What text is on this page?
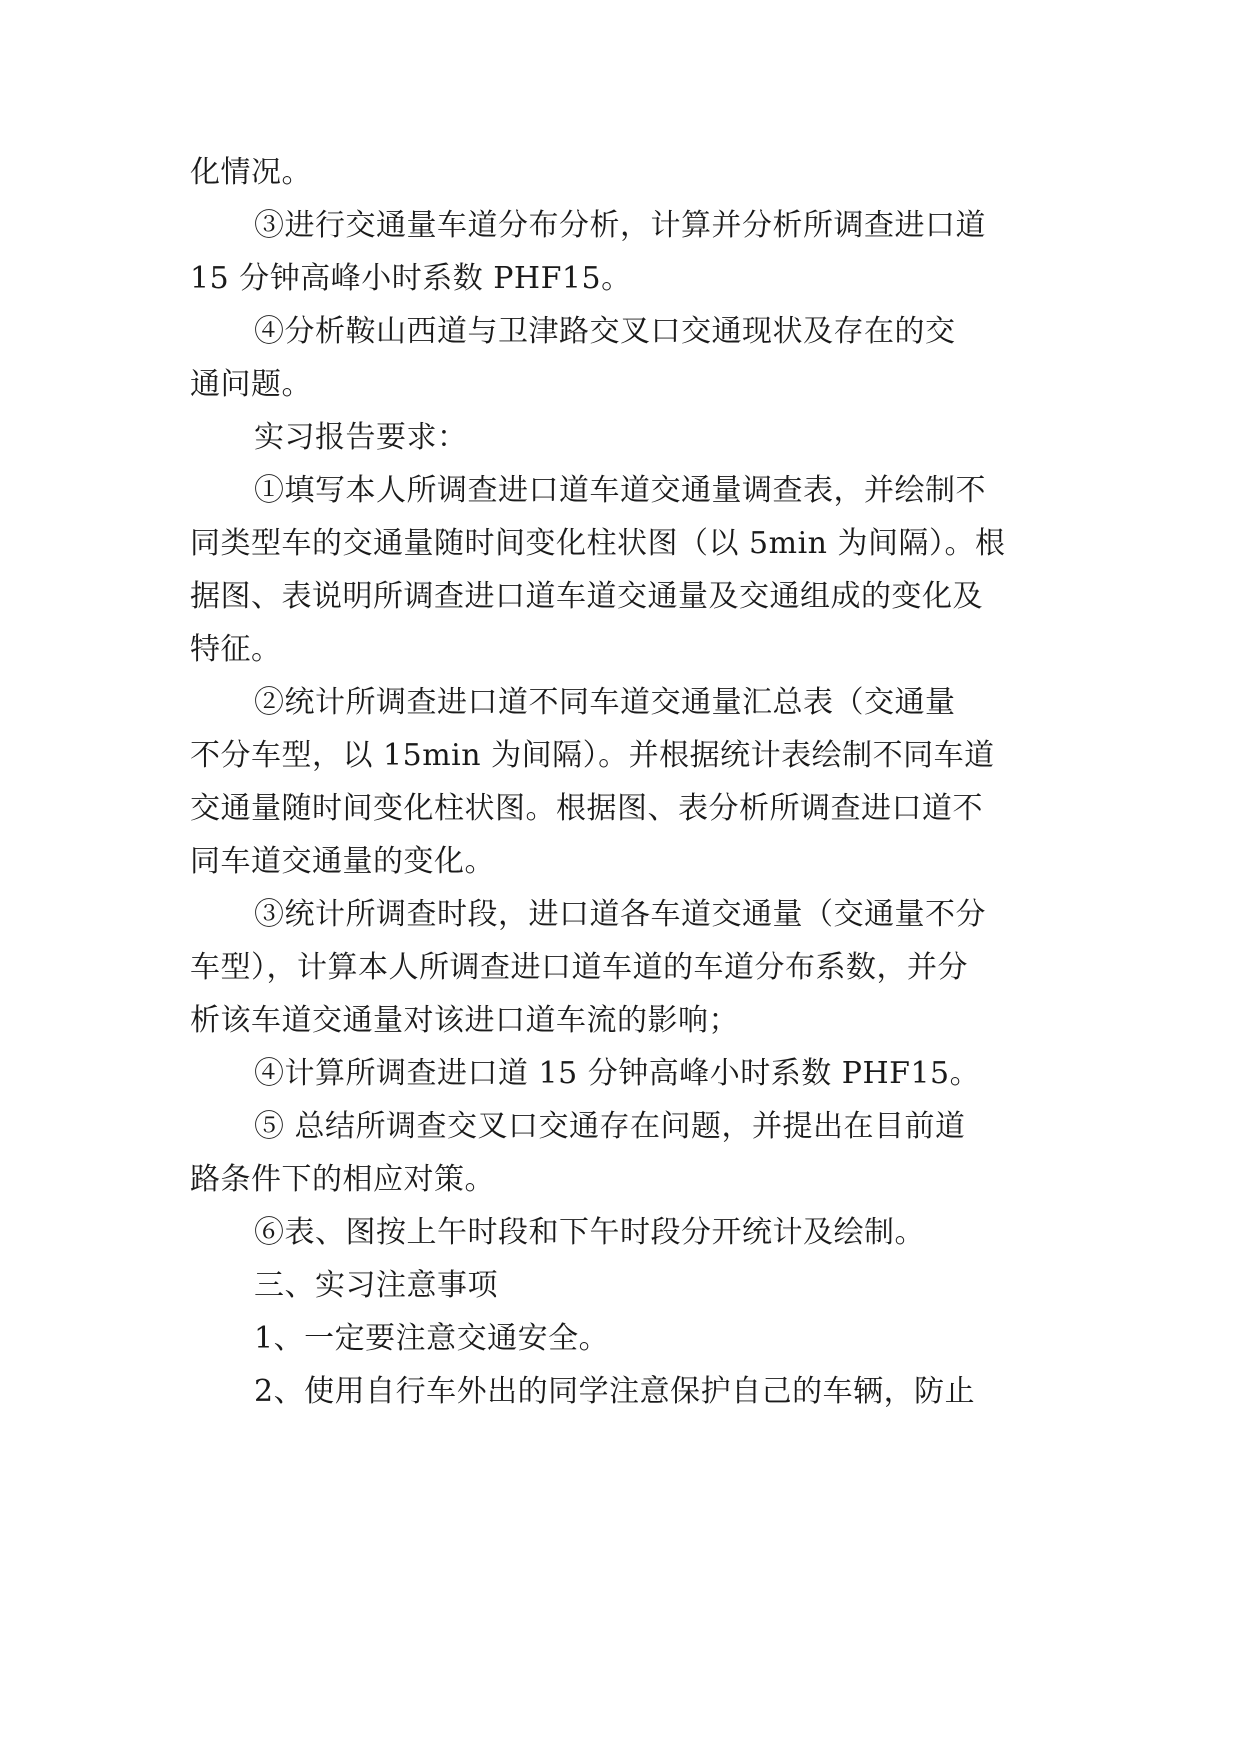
化情况。
③进行交通量车道分布分析，计算并分析所调查进口道
15 分钟高峰小时系数 PHF15。
④分析鞍山西道与卫津路交叉口交通现状及存在的交
通问题。
实习报告要求：
①填写本人所调查进口道车道交通量调查表，并绘制不
同类型车的交通量随时间变化柱状图（以 5min 为间隔）。根
据图、表说明所调查进口道车道交通量及交通组成的变化及
特征。
②统计所调查进口道不同车道交通量汇总表（交通量
不分车型，以 15min 为间隔）。并根据统计表绘制不同车道
交通量随时间变化柱状图。根据图、表分析所调查进口道不
同车道交通量的变化。
③统计所调查时段，进口道各车道交通量（交通量不分
车型），计算本人所调查进口道车道的车道分布系数，并分
析该车道交通量对该进口道车流的影响；
④计算所调查进口道 15 分钟高峰小时系数 PHF15。
⑤ 总结所调查交叉口交通存在问题，并提出在目前道
路条件下的相应对策。
⑥表、图按上午时段和下午时段分开统计及绘制。
三、实习注意事项
1、一定要注意交通安全。
2、使用自行车外出的同学注意保护自己的车辆，防止
